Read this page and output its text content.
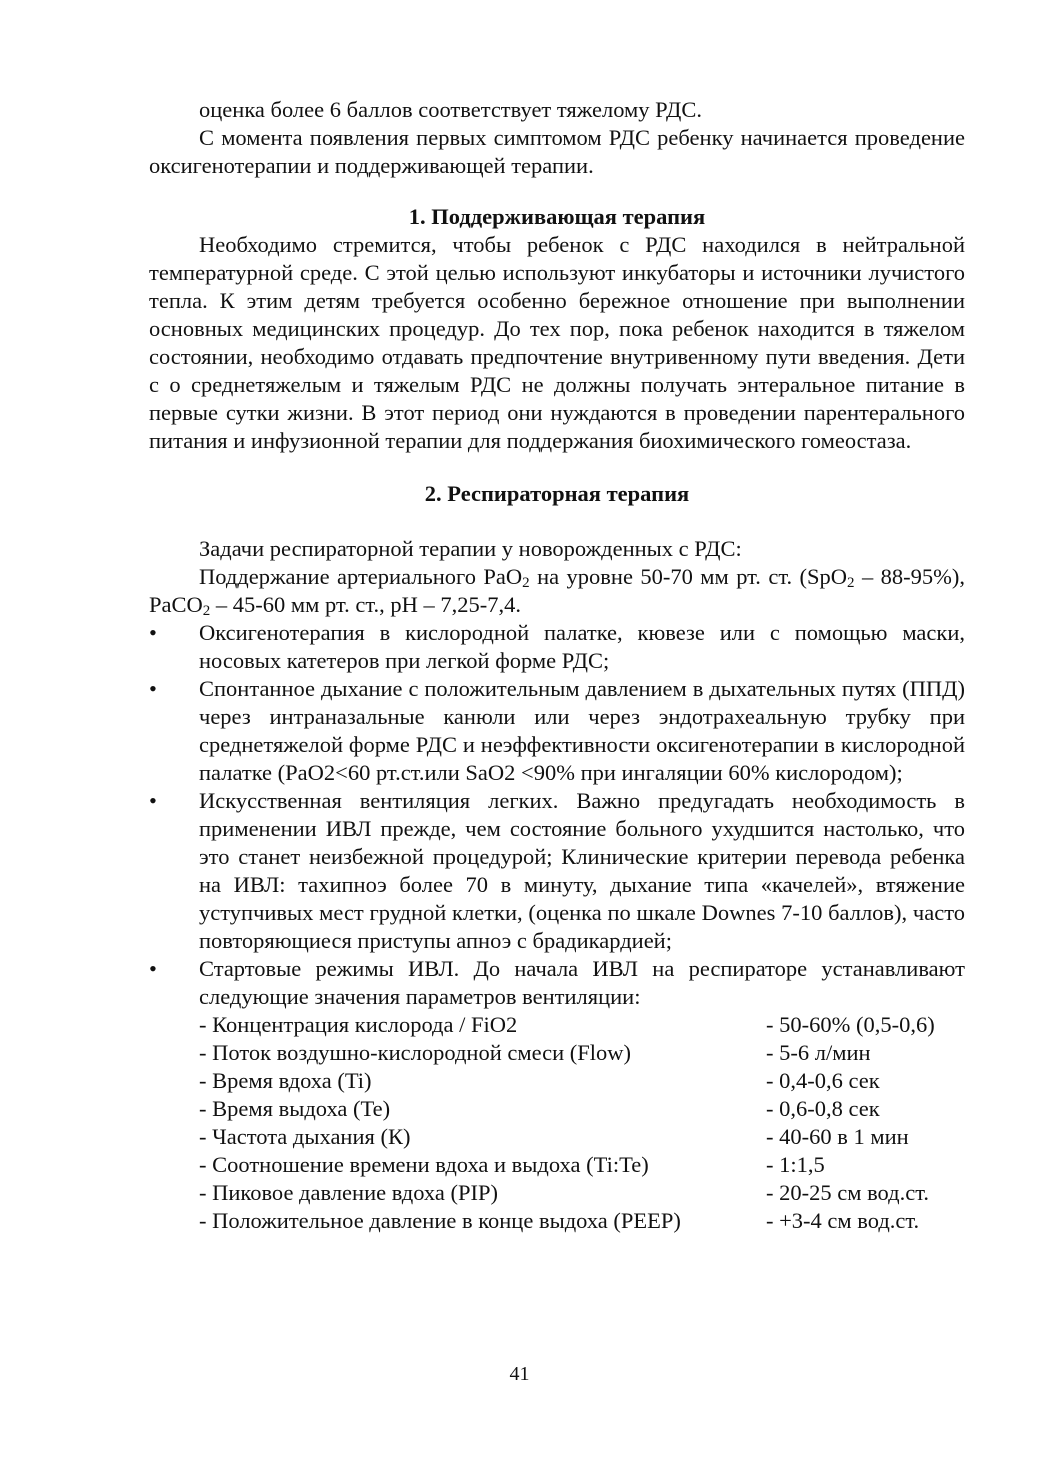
оценка более 6 баллов соответствует тяжелому РДС.

С момента появления первых симптомом РДС ребенку начинается проведение оксигенотерапии и поддерживающей терапии.

1. Поддерживающая терапия

Необходимо стремится, чтобы ребенок с РДС находился в нейтральной температурной среде. С этой целью используют инкубаторы и источники лучистого тепла. К этим детям требуется особенно бережное отношение при выполнении основных медицинских процедур. До тех пор, пока ребенок находится в тяжелом состоянии, необходимо отдавать предпочтение внутривенному пути введения. Дети с о среднетяжелым и тяжелым РДС не должны получать энтеральное питание в первые сутки жизни. В этот период они нуждаются в проведении парентерального питания и инфузионной терапии для поддержания биохимического гомеостаза.

2. Респираторная терапия

Задачи респираторной терапии у новорожденных с РДС:

Поддержание артериального PaO$_2$ на уровне 50-70 мм рт. ст. (SpO$_2$ – 88-95%), PaCO$_2$ – 45-60 мм рт. ст., pH – 7,25-7,4.

•	Оксигенотерапия в кислородной палатке, кювезе или с помощью маски, носовых катетеров при легкой форме РДС;
•	Спонтанное дыхание с положительным давлением в дыхательных путях (ППД) через интраназальные канюли или через эндотрахеальную трубку при среднетяжелой форме РДС и неэффективности оксигенотерапии в кислородной палатке (PaO2<60 рт.ст.или SaO2 <90% при ингаляции 60% кислородом);
•	Искусственная вентиляция легких. Важно предугадать необходимость в применении ИВЛ прежде, чем состояние больного ухудшится настолько, что это станет неизбежной процедурой; Клинические критерии перевода ребенка на ИВЛ: тахипноэ более 70 в минуту, дыхание типа «качелей», втяжение уступчивых мест грудной клетки, (оценка по шкале Downes 7-10 баллов), часто повторяющиеся приступы апноэ с брадикардией;
•	Стартовые режимы ИВЛ. До начала ИВЛ на респираторе устанавливают следующие значения параметров вентиляции:
- Концентрация кислорода / FiO2	- 50-60% (0,5-0,6)
- Поток воздушно-кислородной смеси (Flow)	- 5-6 л/мин
- Время вдоха (Ti)	- 0,4-0,6 сек
- Время выдоха (Te)	- 0,6-0,8 сек
- Частота дыхания (К)	- 40-60 в 1 мин
- Соотношение времени вдоха и выдоха (Ti:Te)	- 1:1,5
- Пиковое давление вдоха (PIP)	- 20-25 см вод.ст.
- Положительное давление в конце выдоха (PEEP)	- +3-4 см вод.ст.
41
